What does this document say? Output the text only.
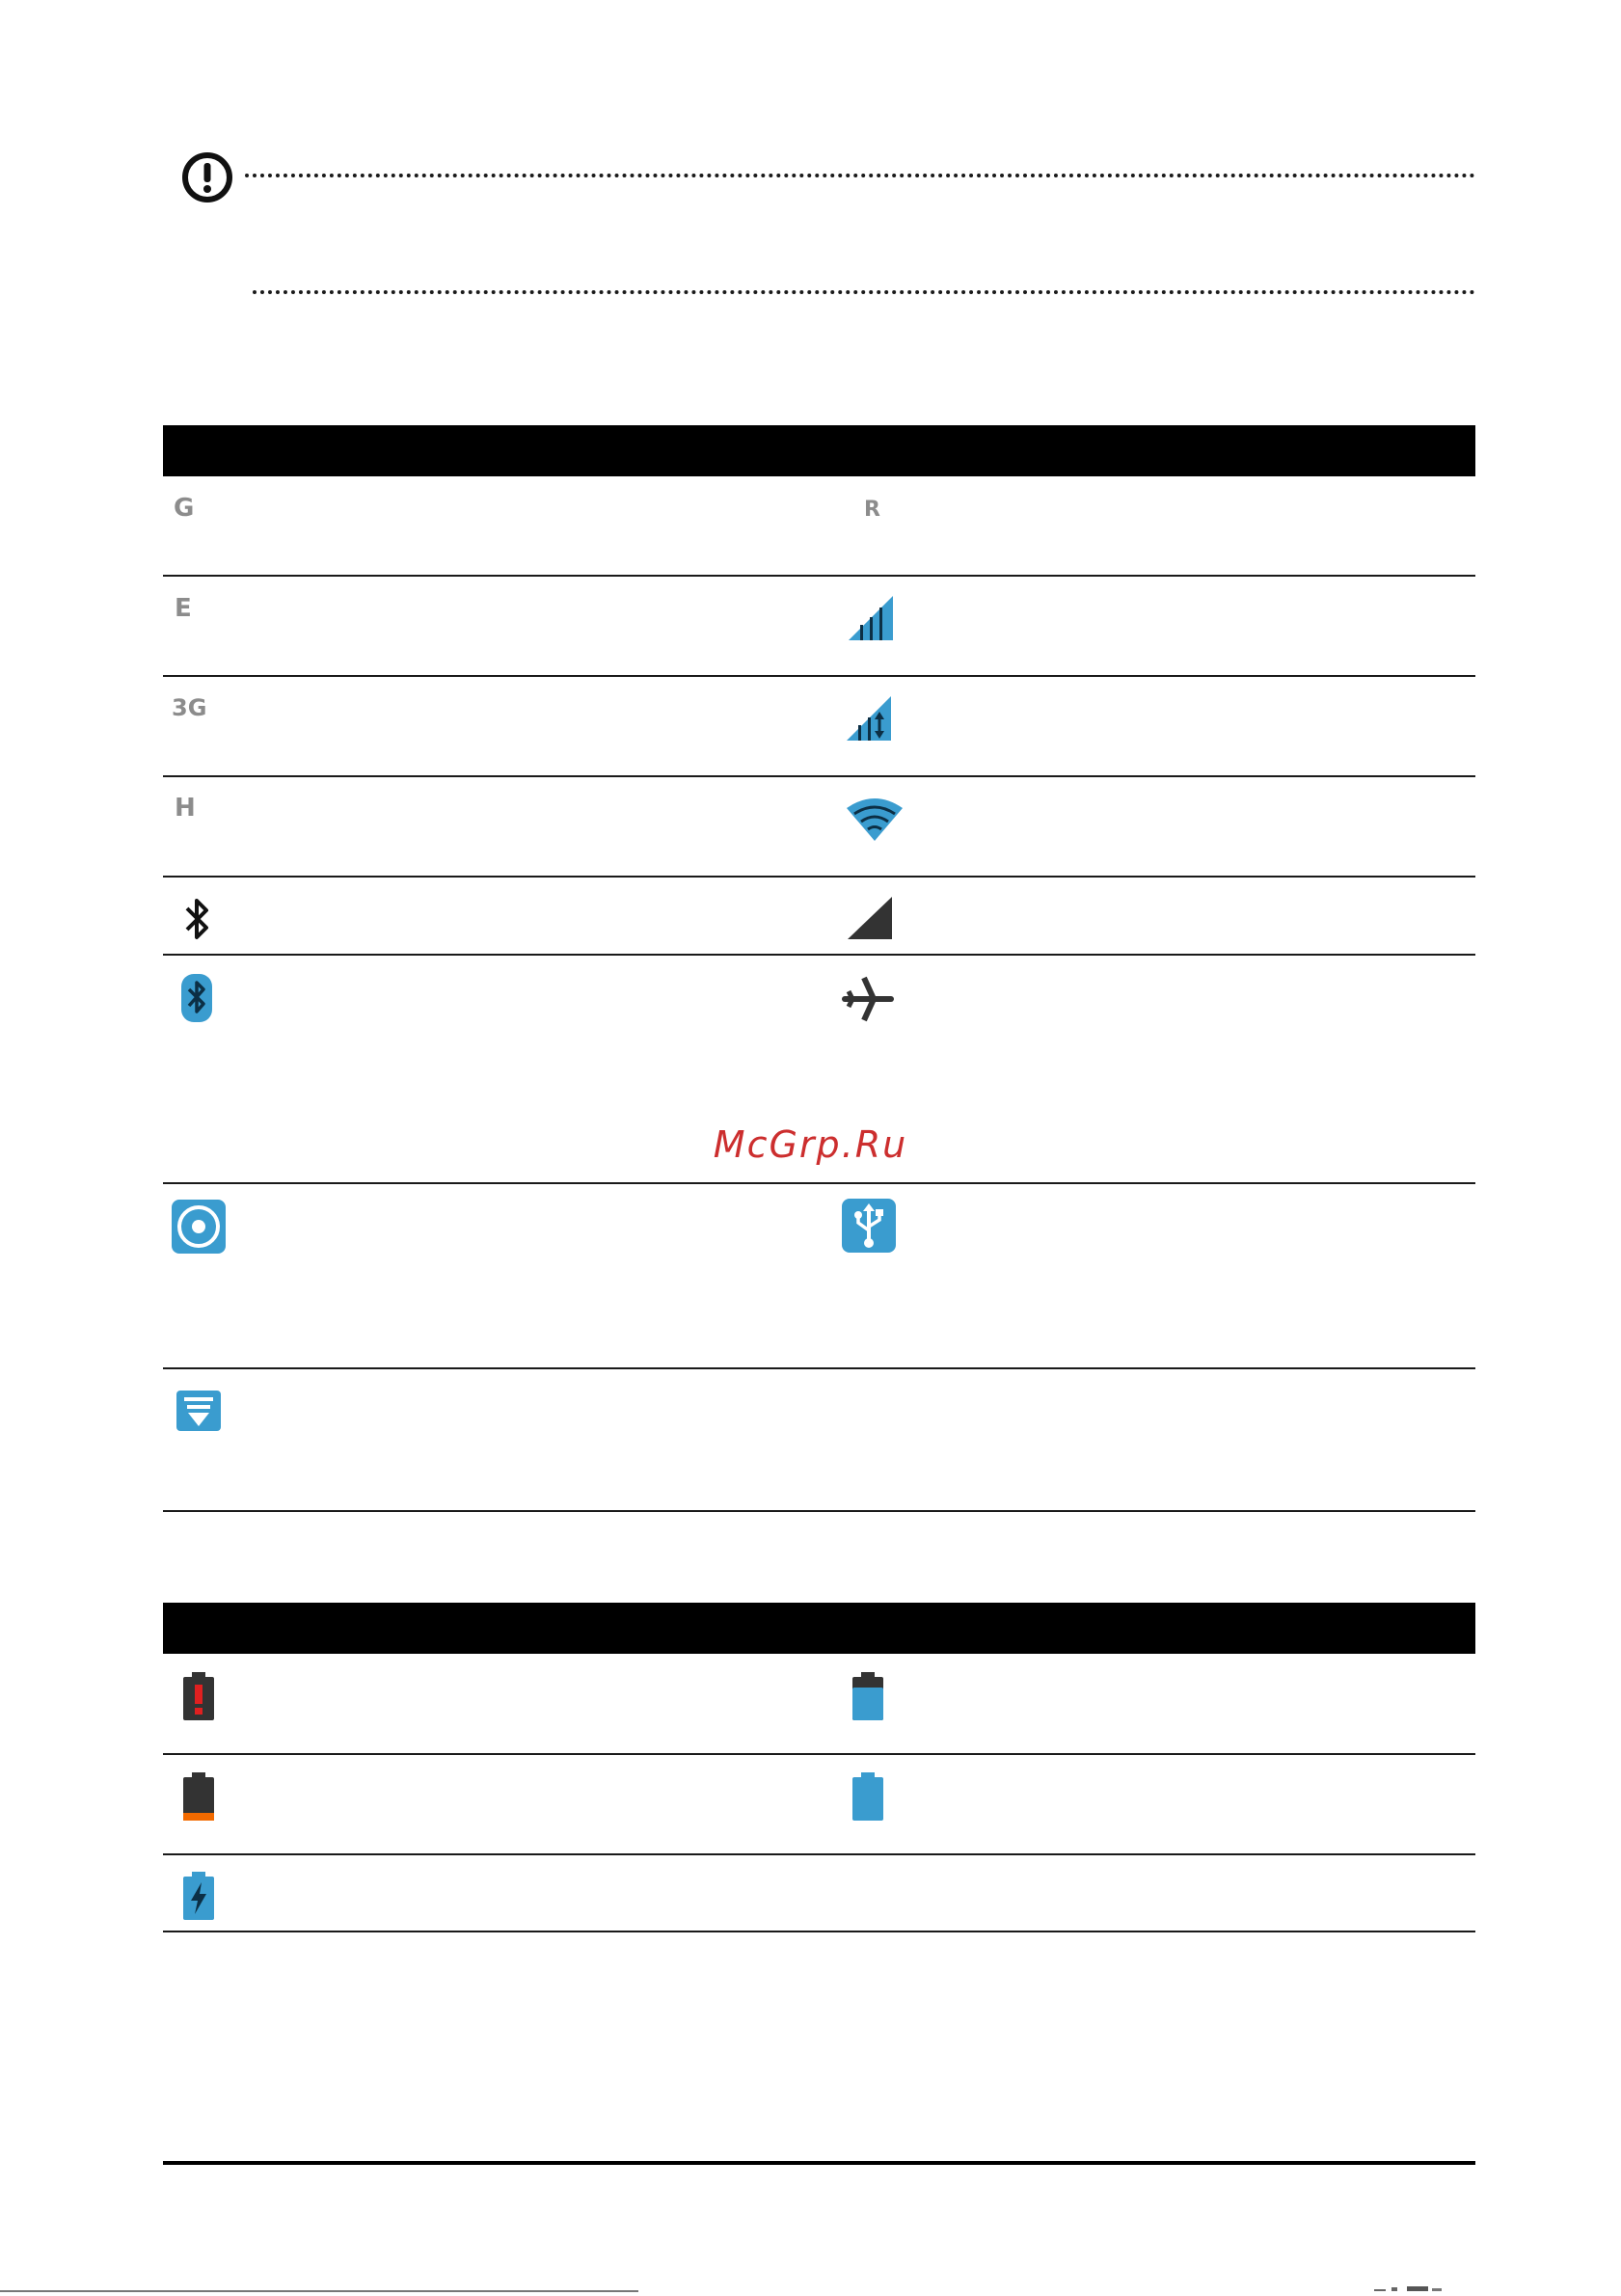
G	R
E
3G
H
McGrp.Ru
